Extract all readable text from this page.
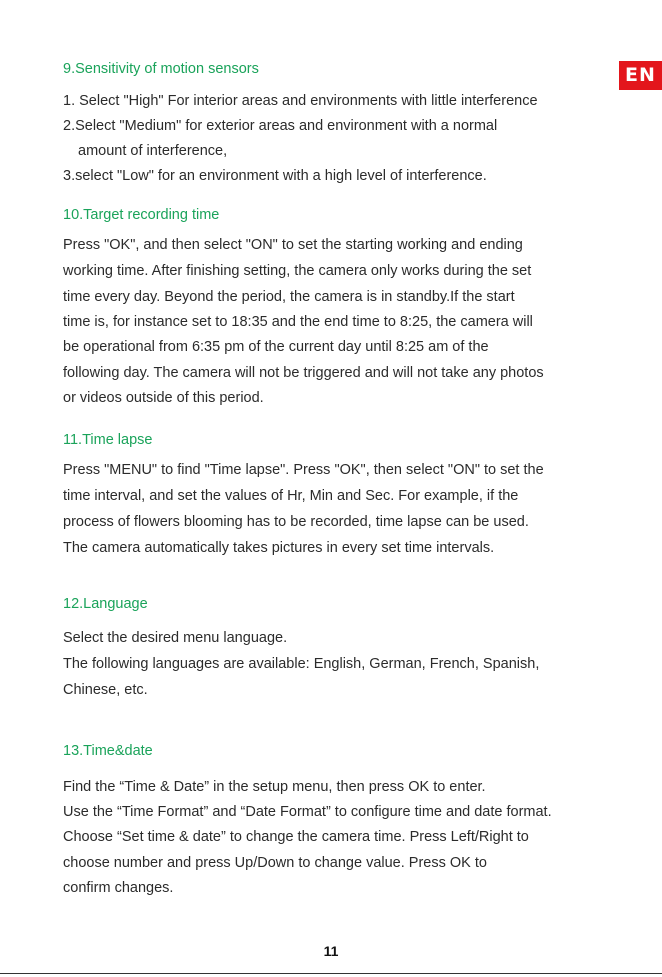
EN
9.Sensitivity of motion sensors
1. Select "High" For interior areas and environments with little interference
2.Select "Medium" for exterior areas and environment with a normal
amount of interference,
3.select "Low" for an environment with a high level of interference.
10.Target recording time
Press "OK", and then select "ON" to set the starting working and ending
working time. After finishing setting, the camera only works during the set
time every day. Beyond the period, the camera is in standby.If the start
time is, for instance set to 18:35 and the end time to 8:25, the camera will
be operational from 6:35 pm of the current day until 8:25 am of the
following day. The camera will not be triggered and will not take any photos
or videos outside of this period.
11.Time lapse
Press "MENU" to find "Time lapse". Press "OK", then select "ON" to set the
time interval, and set the values of Hr, Min and Sec. For example, if the
process of flowers blooming has to be recorded, time lapse can be used.
The camera automatically takes pictures in every set time intervals.
12.Language
Select the desired menu language.
The following languages are available: English, German, French, Spanish,
Chinese, etc.
13.Time&date
Find the “Time & Date” in the setup menu, then press OK to enter.
Use the “Time Format” and “Date Format” to configure time and date format.
Choose “Set time & date” to change the camera time. Press Left/Right to
choose number and press Up/Down to change value. Press OK to
confirm changes.
11
